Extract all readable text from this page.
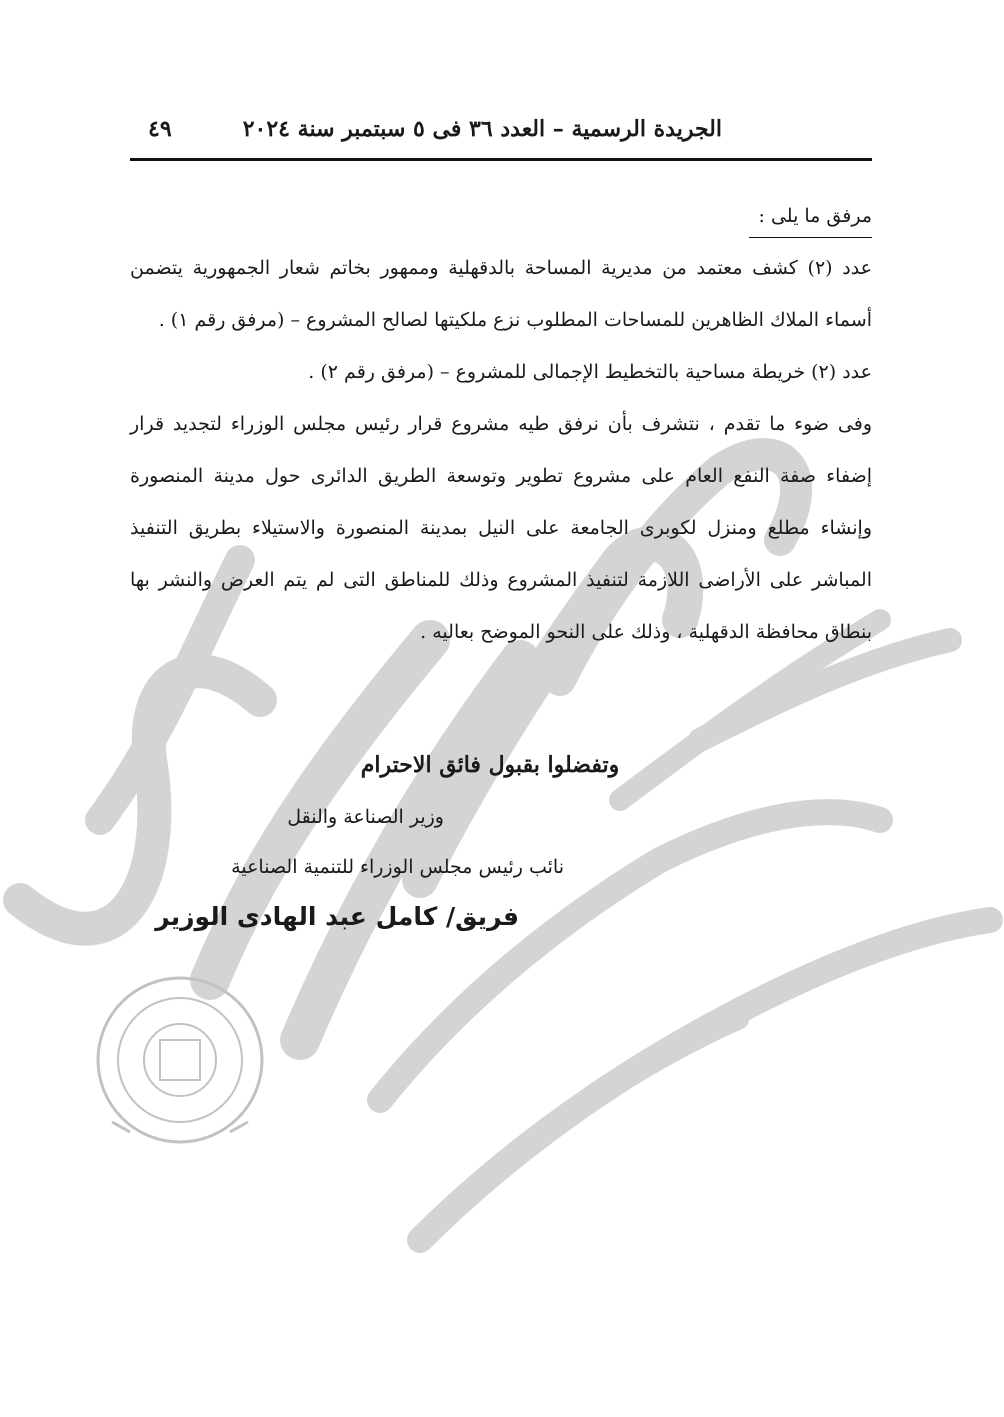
الجريدة الرسمية – العدد ٣٦ فى ٥ سبتمبر سنة ٢٠٢٤
٤٩

مرفق ما يلى :

عدد (٢) كشف معتمد من مديرية المساحة بالدقهلية وممهور بخاتم شعار الجمهورية يتضمن أسماء الملاك الظاهرين للمساحات المطلوب نزع ملكيتها لصالح المشروع – (مرفق رقم ١) .

عدد (٢) خريطة مساحية بالتخطيط الإجمالى للمشروع – (مرفق رقم ٢) .

وفى ضوء ما تقدم ، نتشرف بأن نرفق طيه مشروع قرار رئيس مجلس الوزراء لتجديد قرار إضفاء صفة النفع العام على مشروع تطوير وتوسعة الطريق الدائرى حول مدينة المنصورة وإنشاء مطلع ومنزل لكوبرى الجامعة على النيل بمدينة المنصورة والاستيلاء بطريق التنفيذ المباشر على الأراضى اللازمة لتنفيذ المشروع وذلك للمناطق التى لم يتم العرض والنشر بها بنطاق محافظة الدقهلية ، وذلك على النحو الموضح بعاليه .

وتفضلوا بقبول فائق الاحترام
وزير الصناعة والنقل
نائب رئيس مجلس الوزراء للتنمية الصناعية
فريق/ كامل عبد الهادى الوزير
